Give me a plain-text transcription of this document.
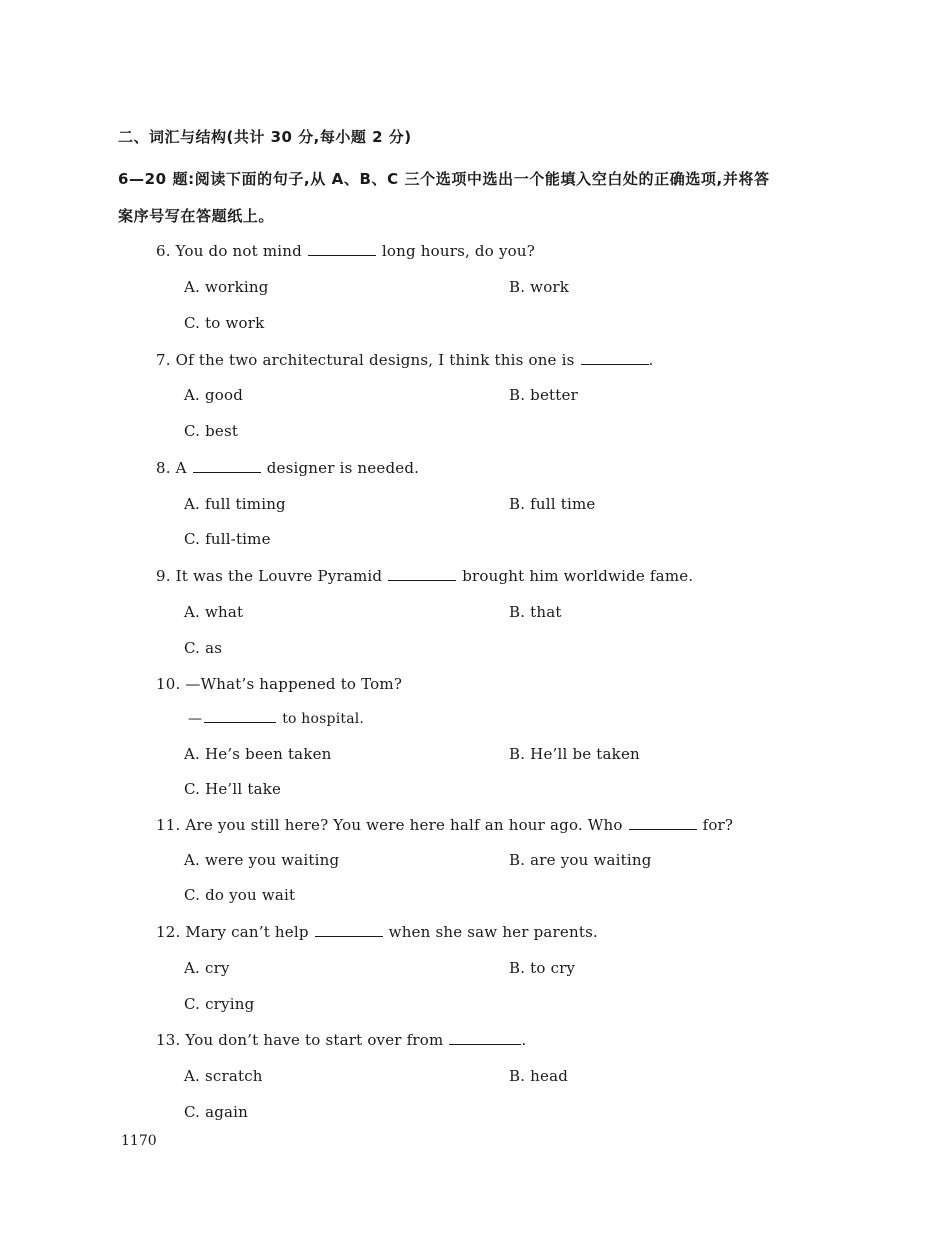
二、词汇与结构(共计 30 分,每小题 2 分)
6—20 题:阅读下面的句子,从 A、B、C 三个选项中选出一个能填入空白处的正确选项,并将答
案序号写在答题纸上。
6. You do not mind	long hours, do you?
A. working	B. work
C. to work
7. Of the two architectural designs, I think this one is	.
A. good	B. better
C. best
8. A	designer is needed.
A. full timing	B. full time
C. full-time
9. It was the Louvre Pyramid	brought him worldwide fame.
A. what	B. that
C. as
10. —What’s happened to Tom?
—	to hospital.
A. He’s been taken	B. He’ll be taken
C. He’ll take
11. Are you still here? You were here half an hour ago. Who	for?
A. were you waiting	B. are you waiting
C. do you wait
12. Mary can’t help	when she saw her parents.
A. cry	B. to cry
C. crying
13. You don’t have to start over from	.
A. scratch	B. head
C. again
1170
